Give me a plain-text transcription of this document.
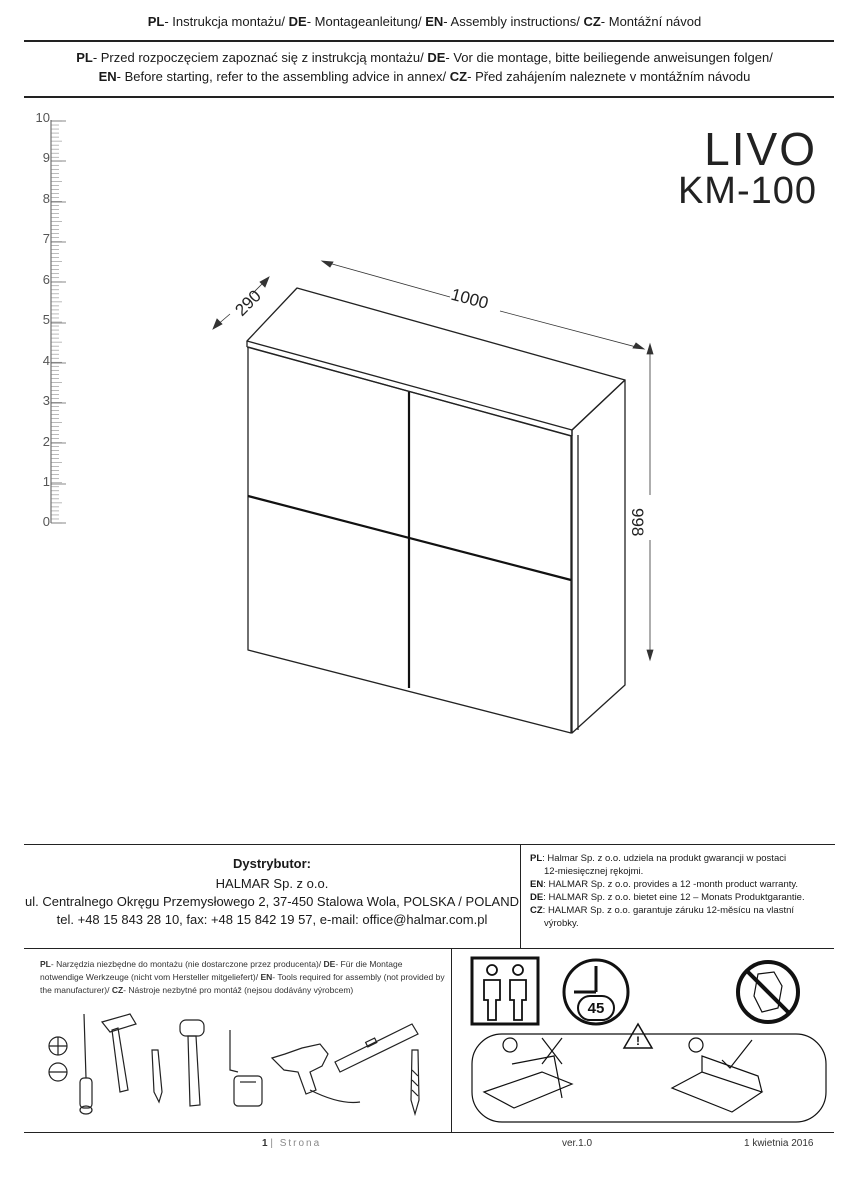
PL- Instrukcja montażu/ DE- Montageanleitung/ EN- Assembly instructions/ CZ- Montážní návod
PL- Przed rozpoczęciem zapoznać się z instrukcją montażu/ DE- Vor die montage, bitte beiliegende anweisungen folgen/
EN- Before starting, refer to the assembling advice in annex/ CZ- Před zahájením naleznete v montážním návodu
10
9
8
7
6
5
4
3
2
1
0
LIVO
KM-100
1000
290
998
Dystrybutor:
HALMAR Sp. z o.o.
ul. Centralnego Okręgu Przemysłowego 2, 37-450 Stalowa Wola, POLSKA / POLAND
tel. +48 15 843 28 10, fax: +48 15 842 19 57, e-mail: office@halmar.com.pl
PL: Halmar Sp. z o.o. udziela na produkt gwarancji w postaci
12-miesięcznej rękojmi.
EN: HALMAR Sp. z o.o. provides a 12 -month product warranty.
DE: HALMAR Sp. z o.o. bietet eine 12 – Monats Produktgarantie.
CZ: HALMAR Sp. z o.o. garantuje záruku 12-měsícu na vlastní
výrobky.
PL- Narzędzia niezbędne do montażu (nie dostarczone przez producenta)/ DE- Für die Montage notwendige Werkzeuge (nicht vom Hersteller mitgeliefert)/ EN- Tools required for assembly (not provided by the manufacturer)/ CZ- Nástroje nezbytné pro montáž (nejsou dodávány výrobcem)
45
!
1 | Strona	ver.1.0	1 kwietnia 2016
